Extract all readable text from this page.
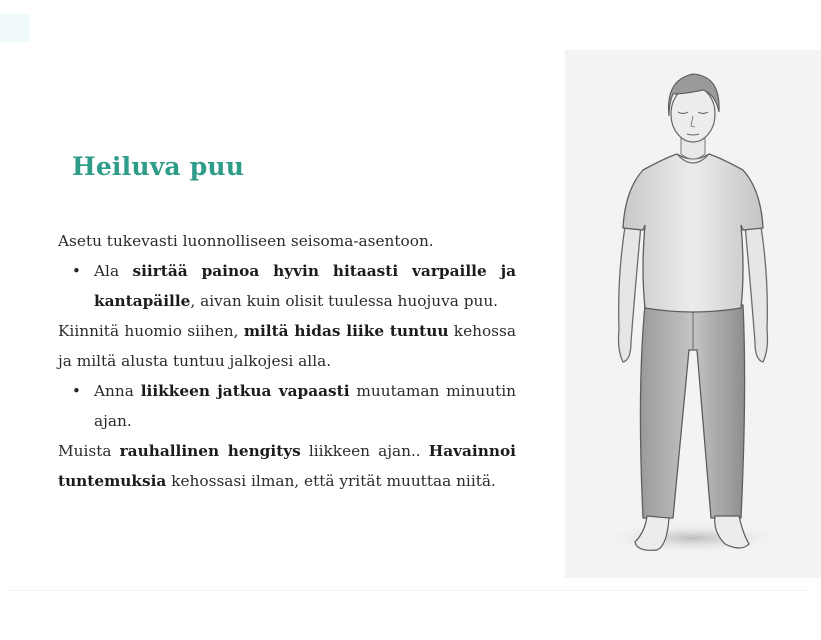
Heiluva puu

Asetu tukevasti luonnolliseen seisoma-asentoon.

• Ala siirtää painoa hyvin hitaasti varpaille ja kantapäille, aivan kuin olisit tuulessa huojuva puu.

Kiinnitä huomio siihen, miltä hidas liike tuntuu kehossa ja miltä alusta tuntuu jalkojesi alla.

• Anna liikkeen jatkua vapaasti muutaman minuutin ajan.

Muista rauhallinen hengitys liikkeen ajan.. Havainnoi tuntemuksia kehossasi ilman, että yrität muuttaa niitä.
